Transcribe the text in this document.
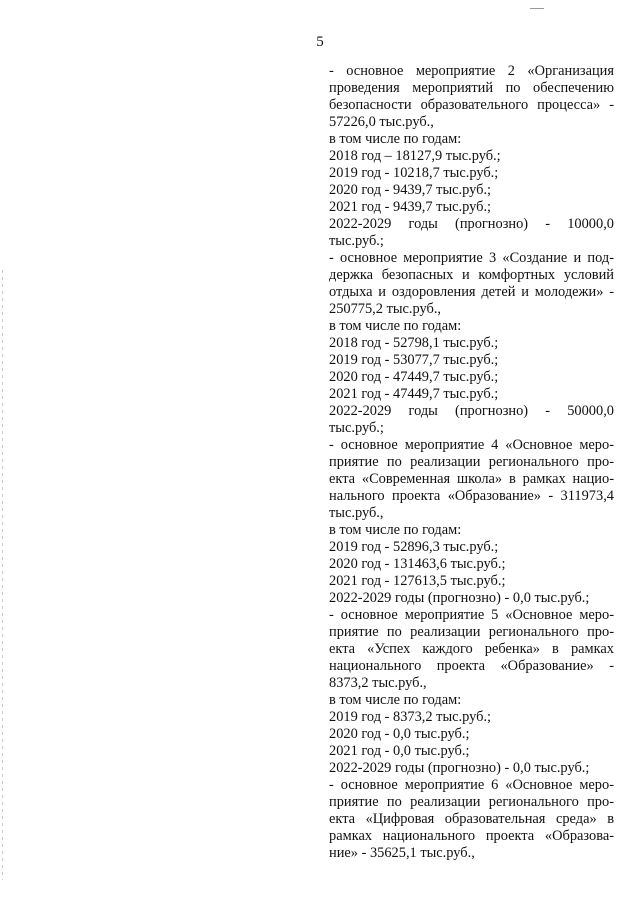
5
- основное мероприятие 2 «Организация
проведения мероприятий по обеспечению
безопасности образовательного процесса» -
57226,0 тыс.руб.,
в том числе по годам:
2018 год – 18127,9 тыс.руб.;
2019 год - 10218,7 тыс.руб.;
2020 год - 9439,7 тыс.руб.;
2021 год - 9439,7 тыс.руб.;
2022-2029 годы (прогнозно) - 10000,0
тыс.руб.;
- основное мероприятие 3 «Создание и под-
держка безопасных и комфортных условий
отдыха и оздоровления детей и молодежи» -
250775,2 тыс.руб.,
в том числе по годам:
2018 год - 52798,1 тыс.руб.;
2019 год - 53077,7 тыс.руб.;
2020 год - 47449,7 тыс.руб.;
2021 год - 47449,7 тыс.руб.;
2022-2029 годы (прогнозно) - 50000,0
тыс.руб.;
- основное мероприятие 4 «Основное меро-
приятие по реализации регионального про-
екта «Современная школа» в рамках нацио-
нального проекта «Образование» - 311973,4
тыс.руб.,
в том числе по годам:
2019 год - 52896,3 тыс.руб.;
2020 год - 131463,6 тыс.руб.;
2021 год - 127613,5 тыс.руб.;
2022-2029 годы (прогнозно) - 0,0 тыс.руб.;
- основное мероприятие 5 «Основное меро-
приятие по реализации регионального про-
екта «Успех каждого ребенка» в рамках
национального проекта «Образование» -
8373,2 тыс.руб.,
в том числе по годам:
2019 год - 8373,2 тыс.руб.;
2020 год - 0,0 тыс.руб.;
2021 год - 0,0 тыс.руб.;
2022-2029 годы (прогнозно) - 0,0 тыс.руб.;
- основное мероприятие 6 «Основное меро-
приятие по реализации регионального про-
екта «Цифровая образовательная среда» в
рамках национального проекта «Образова-
ние» - 35625,1 тыс.руб.,
